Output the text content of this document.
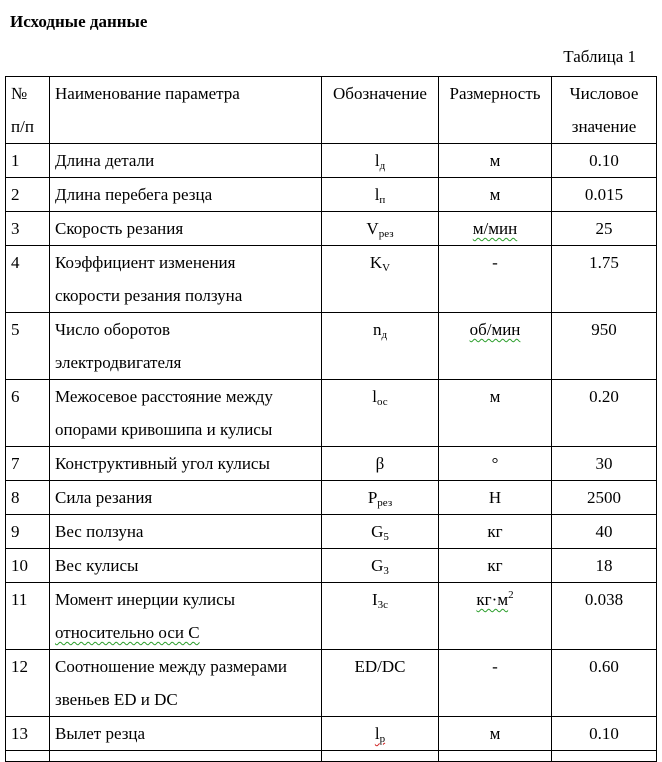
Исходные данные
Таблица 1
№
п/п	Наименование параметра	Обозначение	Размерность	Числовое
значение
1	Длина детали	$l_д$	м	0.10
2	Длина перебега резца	$l_п$	м	0.015
3	Скорость резания	$V_{рез}$	м/мин	25
4	Коэффициент изменения
скорости резания ползуна	$K_V$	-	1.75
5	Число оборотов
электродвигателя	$n_д$	об/мин	950
6	Межосевое расстояние между
опорами кривошипа и кулисы	$l_{ос}$	м	0.20
7	Конструктивный угол кулисы	β	°	30
8	Сила резания	$P_{рез}$	Н	2500
9	Вес ползуна	$G_5$	кг	40
10	Вес кулисы	$G_3$	кг	18
11	Момент инерции кулисы
относительно оси С	$I_{3с}$	$кг\cdot м^2$	0.038
12	Соотношение между размерами
звеньев ED и DC	ED/DC	-	0.60
13	Вылет резца	$l_р$	м	0.10
